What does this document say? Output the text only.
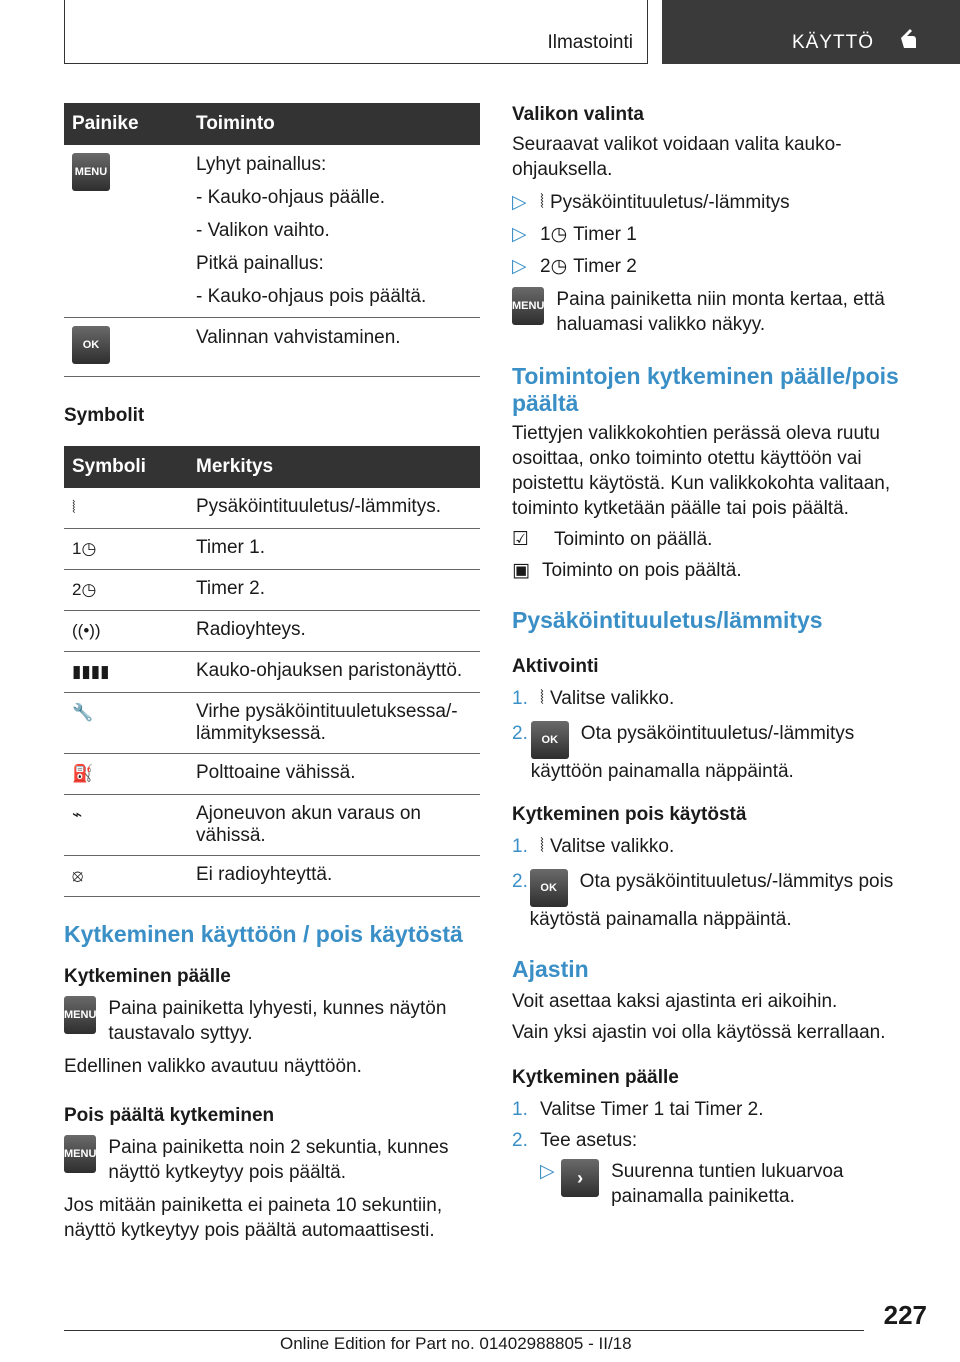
Ilmastointi	KÄYTTÖ
Painike	Toiminto
MENU	Lyhyt painallus:

- Kauko-ohjaus päälle.

- Valikon vaihto.

Pitkä painallus:

- Kauko-ohjaus pois päältä.

OK	Valinnan vahvistaminen.

Symbolit
Symboli	Merkitys
⦚	Pysäköintituuletus/-lämmitys.
1◷	Timer 1.
2◷	Timer 2.
((•))	Radioyhteys.
▮▮▮▮	Kauko-ohjauksen paristonäyttö.
🔧	Virhe pysäköintituuletuksessa/-lämmityksessä.
⛽	Polttoaine vähissä.
⌁	Ajoneuvon akun varaus on vähissä.
⦻	Ei radioyhteyttä.
Kytkeminen käyttöön / pois käytöstä
Kytkeminen päälle
MENU Paina painiketta lyhyesti, kunnes näytön taustavalo syttyy.

Edellinen valikko avautuu näyttöön.

Pois päältä kytkeminen
MENU Paina painiketta noin 2 sekuntia, kunnes näyttö kytkeytyy pois päältä.

Jos mitään painiketta ei paineta 10 sekuntiin, näyttö kytkeytyy pois päältä automaattisesti.

Valikon valinta

Seuraavat valikot voidaan valita kauko-ohjauksella.

▷ ⦚ Pysäköintituuletus/-lämmitys
▷ 1◷ Timer 1
▷ 2◷ Timer 2
MENU Paina painiketta niin monta kertaa, että haluamasi valikko näkyy.

Toimintojen kytkeminen päälle/pois päältä

Tiettyjen valikkokohtien perässä oleva ruutu osoittaa, onko toiminto otettu käyttöön vai poistettu käytöstä. Kun valikkokohta valitaan, toiminto kytketään päälle tai pois päältä.

☑	Toiminto on päällä.
▣ Toiminto on pois päältä.
Pysäköintituuletus/lämmitys
Aktivointi
1. ⦚ Valitse valikko.
2.	OK Ota pysäköintituuletus/-lämmitys käyttöön painamalla näppäintä.
Kytkeminen pois käytöstä
1. ⦚ Valitse valikko.
2.	OK Ota pysäköintituuletus/-lämmitys pois käytöstä painamalla näppäintä.
Ajastin

Voit asettaa kaksi ajastinta eri aikoihin.

Vain yksi ajastin voi olla käytössä kerrallaan.

Kytkeminen päälle
1. Valitse Timer 1 tai Timer 2.
2. Tee asetus:
▷	›	Suurenna tuntien lukuarvoa painamalla painiketta.
227
Online Edition for Part no. 01402988805 - II/18
